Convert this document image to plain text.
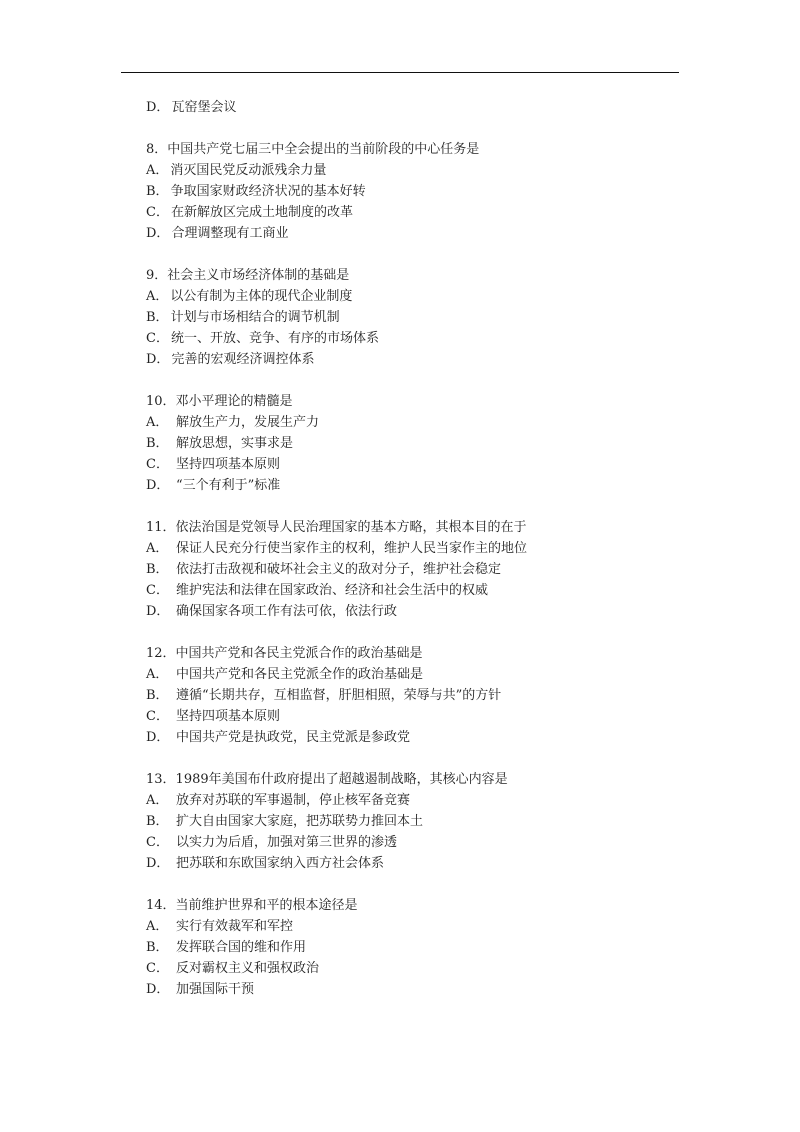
D． 瓦窑堡会议
8．中国共产党七届三中全会提出的当前阶段的中心任务是
A． 消灭国民党反动派残余力量
B． 争取国家财政经济状况的基本好转
C． 在新解放区完成土地制度的改革
D． 合理调整现有工商业
9．社会主义市场经济体制的基础是
A． 以公有制为主体的现代企业制度
B． 计划与市场相结合的调节机制
C． 统一、开放、竞争、有序的市场体系
D． 完善的宏观经济调控体系
10．邓小平理论的精髓是
A． 解放生产力，发展生产力
B． 解放思想，实事求是
C． 坚持四项基本原则
D． “三个有利于”标准
11．依法治国是党领导人民治理国家的基本方略，其根本目的在于
A． 保证人民充分行使当家作主的权利，维护人民当家作主的地位
B． 依法打击敌视和破坏社会主义的敌对分子，维护社会稳定
C． 维护宪法和法律在国家政治、经济和社会生活中的权威
D． 确保国家各项工作有法可依，依法行政
12．中国共产党和各民主党派合作的政治基础是
A． 中国共产党和各民主党派全作的政治基础是
B． 遵循“长期共存，互相监督，肝胆相照，荣辱与共”的方针
C． 坚持四项基本原则
D． 中国共产党是执政党，民主党派是参政党
13．1989年美国布什政府提出了超越遏制战略，其核心内容是
A． 放弃对苏联的军事遏制，停止核军备竞赛
B． 扩大自由国家大家庭，把苏联势力推回本土
C． 以实力为后盾，加强对第三世界的渗透
D． 把苏联和东欧国家纳入西方社会体系
14．当前维护世界和平的根本途径是
A． 实行有效裁军和军控
B． 发挥联合国的维和作用
C． 反对霸权主义和强权政治
D． 加强国际干预
